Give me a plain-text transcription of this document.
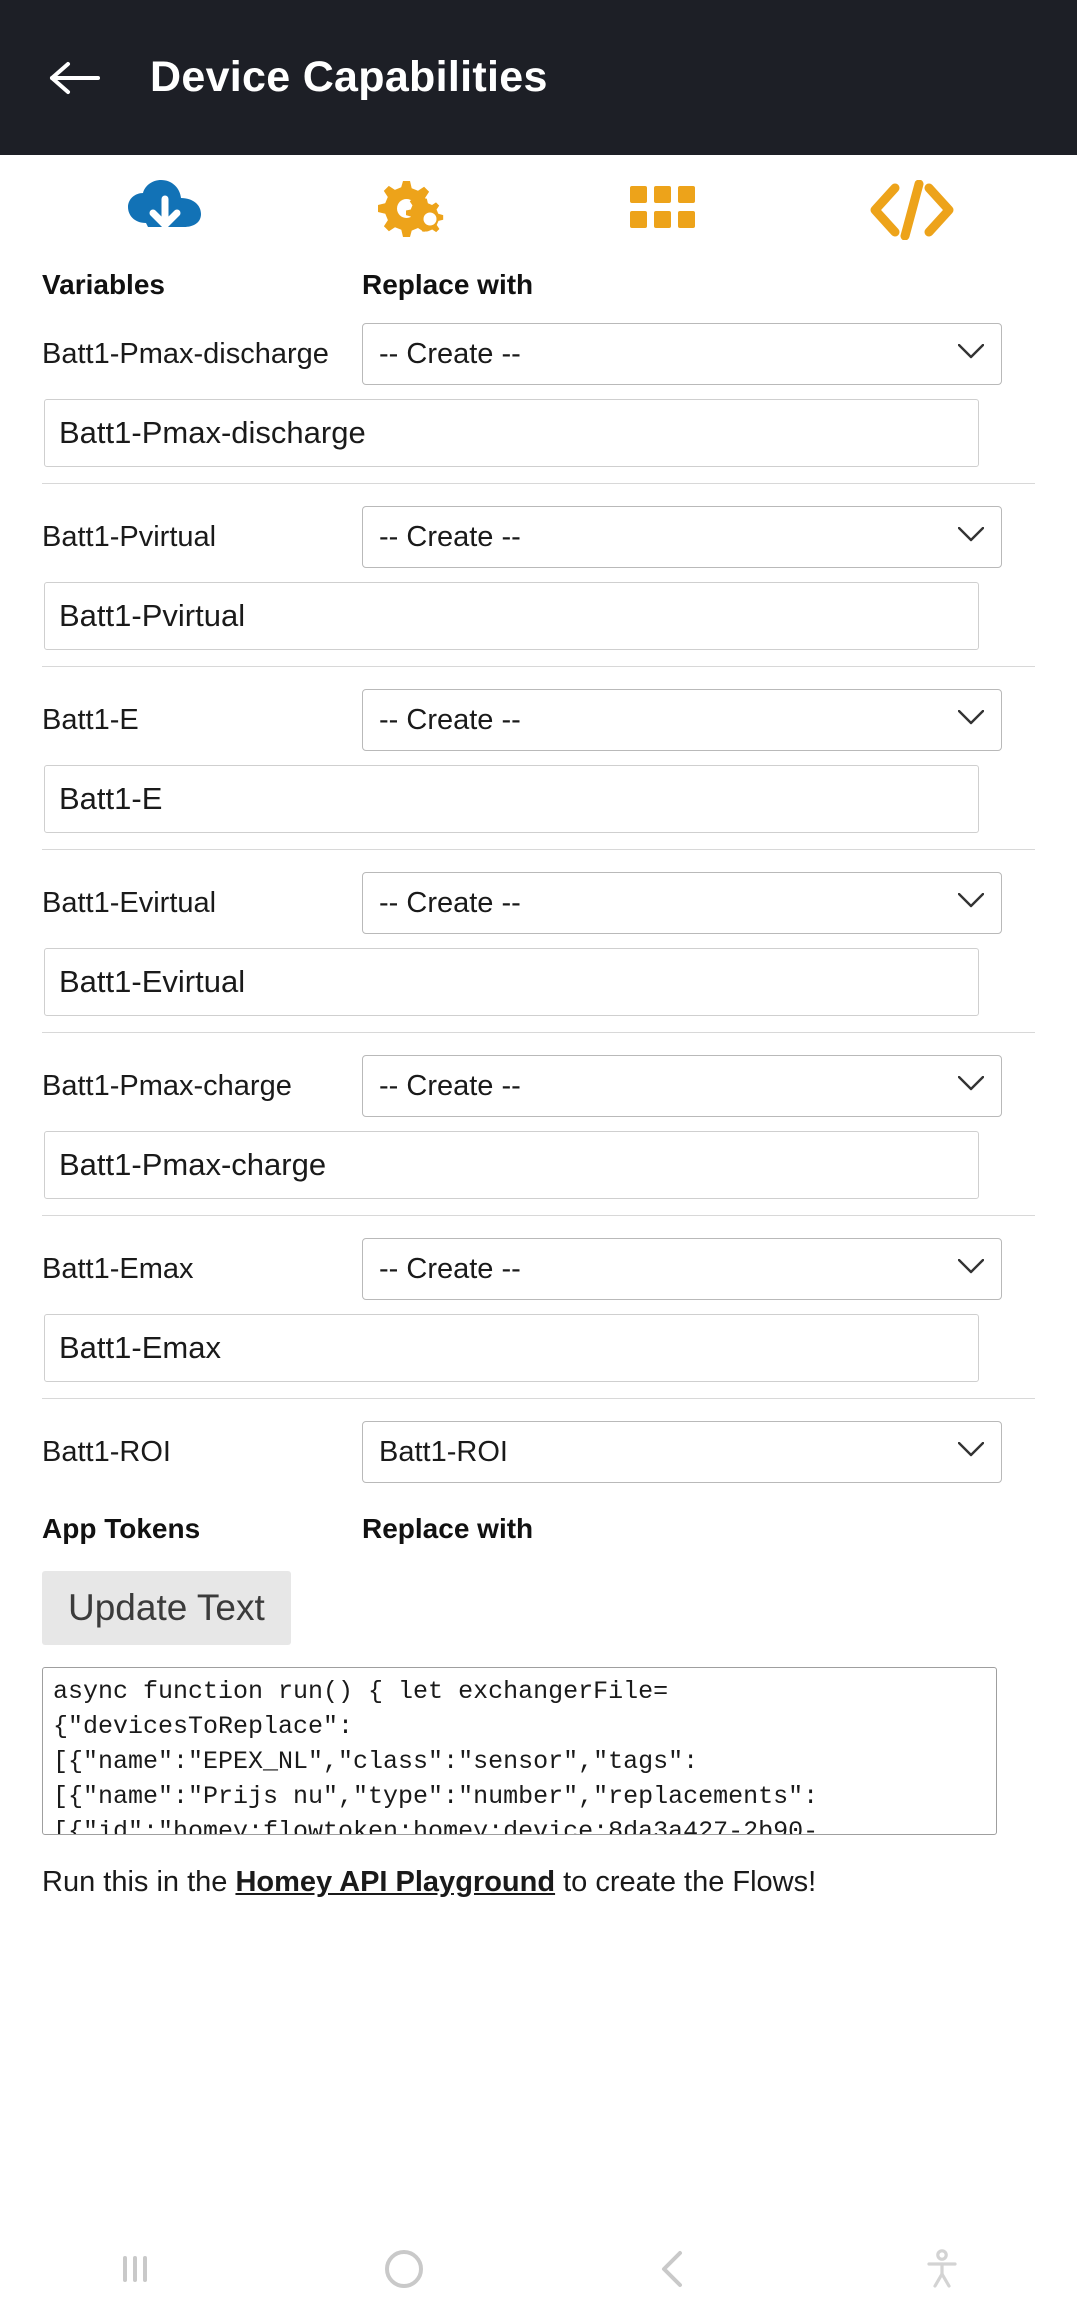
Device Capabilities
Variables	Replace with
Batt1-Pmax-discharge
-- Create --
Batt1-Pmax-discharge
Batt1-Pvirtual
-- Create --
Batt1-Pvirtual
Batt1-E
-- Create --
Batt1-E
Batt1-Evirtual
-- Create --
Batt1-Evirtual
Batt1-Pmax-charge
-- Create --
Batt1-Pmax-charge
Batt1-Emax
-- Create --
Batt1-Emax
Batt1-ROI
Batt1-ROI
App Tokens	Replace with
Update Text async function run() { let exchangerFile= {"devicesToReplace": [{"name":"EPEX_NL","class":"sensor","tags": [{"name":"Prijs nu","type":"number","replacements": [{"id":"homey:flowtoken:homey:device:8da3a427-2b90-
Run this in the Homey API Playground to create the Flows!
